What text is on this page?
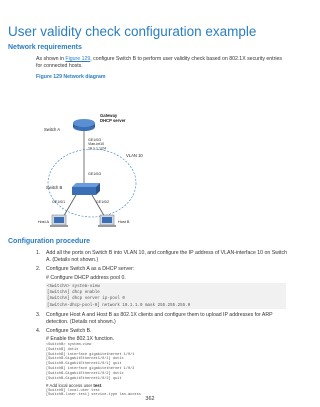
User validity check configuration example
Network requirements
As shown in Figure 129, configure Switch B to perform user validity check based on 802.1X security entries for connected hosts.
Figure 129 Network diagram
Gateway DHCP server
Switch A
GE1/0/3 Vlan-int10 10.1.1.1/24
VLAN 10
GE1/0/3
Switch B
GE1/0/1	GE1/0/2
Host A	Host B
Configuration procedure
1. Add all the ports on Switch B into VLAN 10, and configure the IP address of VLAN-interface 10 on Switch A. (Details not shown.)
2. Configure Switch A as a DHCP server:
# Configure DHCP address pool 0.
<SwitchA> system-view
[SwitchA] dhcp enable
[SwitchA] dhcp server ip-pool 0
[SwitchA-dhcp-pool-0] network 10.1.1.0 mask 255.255.255.0
3. Configure Host A and Host B as 802.1X clients and configure them to upload IP addresses for ARP detection. (Details not shown.)
4. Configure Switch B.
# Enable the 802.1X function.
<SwitchB> system-view
[SwitchB] dot1x
[SwitchB] interface gigabitethernet 1/0/1
[SwitchB-GigabitEthernet1/0/1] dot1x
[SwitchB-GigabitEthernet1/0/1] quit
[SwitchB] interface gigabitethernet 1/0/2
[SwitchB-GigabitEthernet1/0/2] dot1x
[SwitchB-GigabitEthernet1/0/2] quit
362
# Add local access user test.
[SwitchB] local-user test
[SwitchB-luser-test] service-type lan-access
